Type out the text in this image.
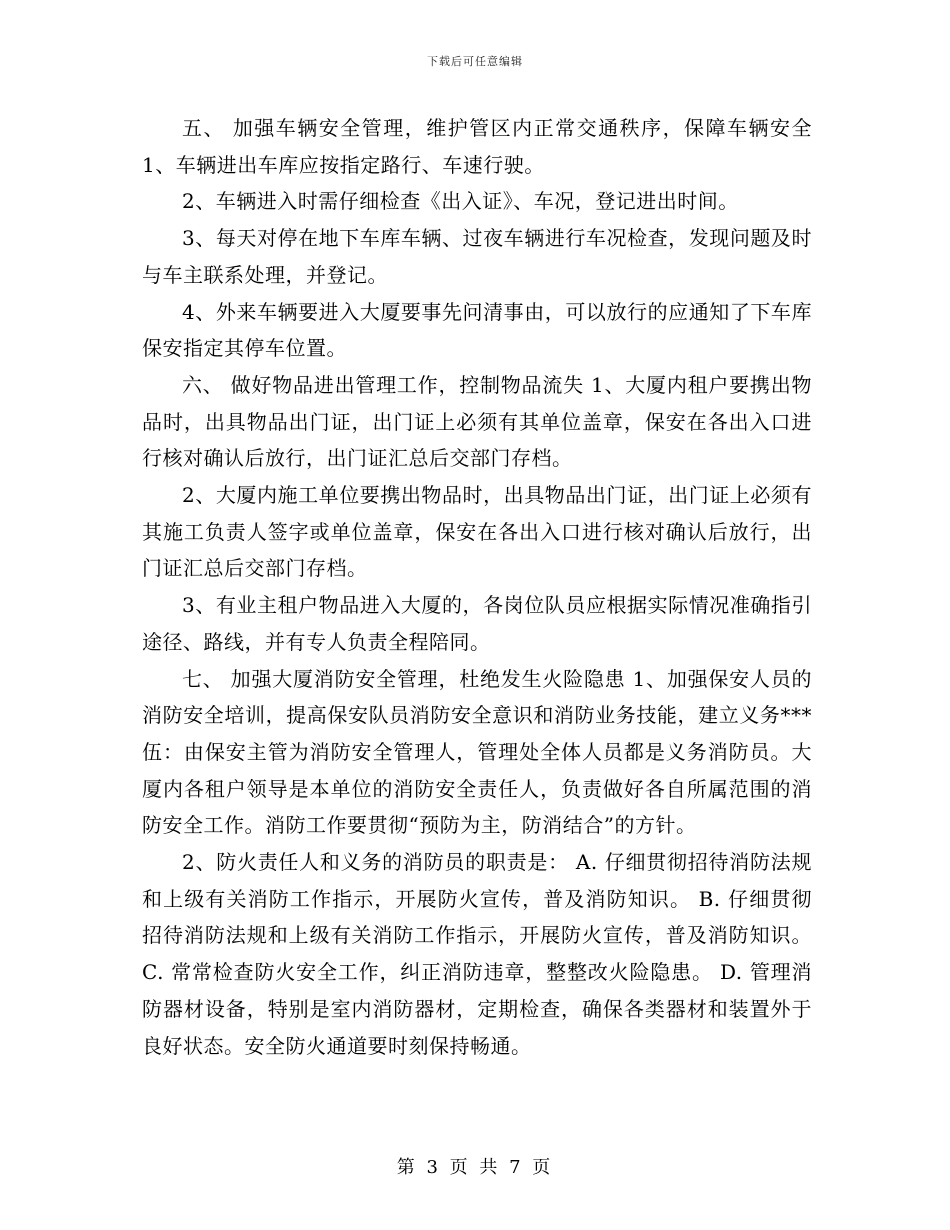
下载后可任意编辑

五、 加强车辆安全管理，维护管区内正常交通秩序，保障车辆安全 1、车辆进出车库应按指定路行、车速行驶。

2、车辆进入时需仔细检查《出入证》、车况，登记进出时间。

3、每天对停在地下车库车辆、过夜车辆进行车况检查，发现问题及时与车主联系处理，并登记。

4、外来车辆要进入大厦要事先问清事由，可以放行的应通知了下车库保安指定其停车位置。

六、 做好物品进出管理工作，控制物品流失 1、大厦内租户要携出物品时，出具物品出门证，出门证上必须有其单位盖章，保安在各出入口进行核对确认后放行，出门证汇总后交部门存档。

2、大厦内施工单位要携出物品时，出具物品出门证，出门证上必须有其施工负责人签字或单位盖章，保安在各出入口进行核对确认后放行，出门证汇总后交部门存档。

3、有业主租户物品进入大厦的，各岗位队员应根据实际情况准确指引途径、路线，并有专人负责全程陪同。

七、 加强大厦消防安全管理，杜绝发生火险隐患 1、加强保安人员的消防安全培训，提高保安队员消防安全意识和消防业务技能，建立义务***伍：由保安主管为消防安全管理人，管理处全体人员都是义务消防员。大厦内各租户领导是本单位的消防安全责任人，负责做好各自所属范围的消防安全工作。消防工作要贯彻“预防为主，防消结合”的方针。

2、防火责任人和义务的消防员的职责是： A. 仔细贯彻招待消防法规和上级有关消防工作指示，开展防火宣传，普及消防知识。 B. 仔细贯彻招待消防法规和上级有关消防工作指示，开展防火宣传，普及消防知识。 C. 常常检查防火安全工作，纠正消防违章，整整改火险隐患。 D. 管理消防器材设备，特别是室内消防器材，定期检查，确保各类器材和装置外于良好状态。安全防火通道要时刻保持畅通。

第 3 页 共 7 页
